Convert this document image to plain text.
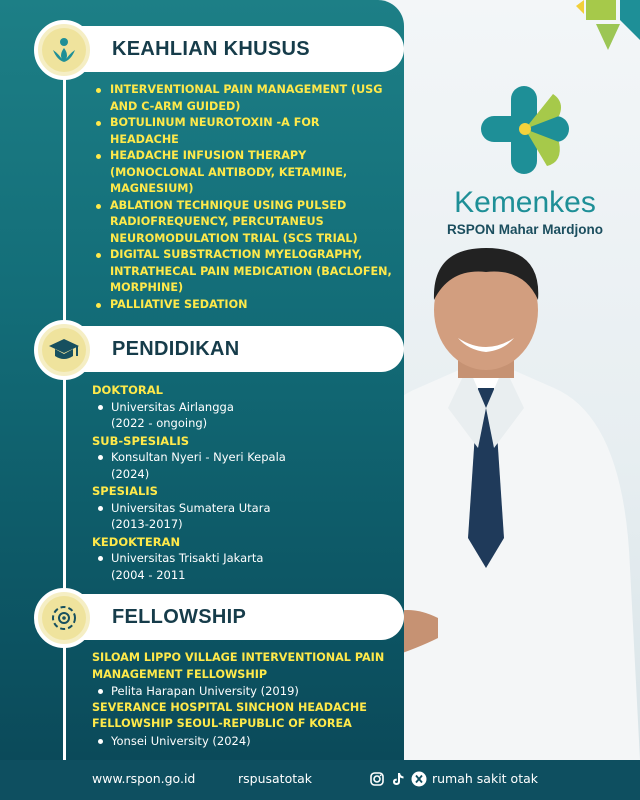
Kemenkes
RSPON Mahar Mardjono
KEAHLIAN KHUSUS
INTERVENTIONAL PAIN MANAGEMENT (USG AND C-ARM GUIDED)
BOTULINUM NEUROTOXIN -A FOR HEADACHE
HEADACHE INFUSION THERAPY (MONOCLONAL ANTIBODY, KETAMINE, MAGNESIUM)
ABLATION TECHNIQUE USING PULSED RADIOFREQUENCY, PERCUTANEUS NEUROMODULATION TRIAL (SCS TRIAL)
DIGITAL SUBSTRACTION MYELOGRAPHY, INTRATHECAL PAIN MEDICATION (BACLOFEN, MORPHINE)
PALLIATIVE SEDATION
PENDIDIKAN
DOKTORAL
Universitas Airlangga
(2022 - ongoing)
SUB-SPESIALIS
Konsultan Nyeri - Nyeri Kepala
(2024)
SPESIALIS
Universitas Sumatera Utara
(2013-2017)
KEDOKTERAN
Universitas Trisakti Jakarta
(2004 - 2011
FELLOWSHIP
SILOAM LIPPO VILLAGE INTERVENTIONAL PAIN MANAGEMENT FELLOWSHIP
Pelita Harapan University (2019)
SEVERANCE HOSPITAL SINCHON HEADACHE FELLOWSHIP SEOUL-REPUBLIC OF KOREA
Yonsei University (2024)
www.rspon.go.id	rspusatotak	rumah sakit otak
